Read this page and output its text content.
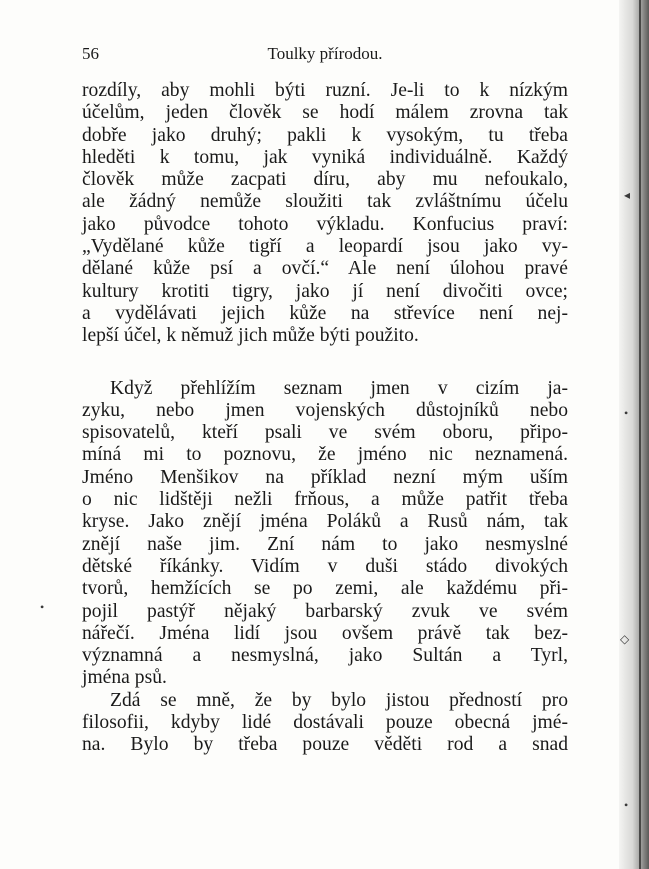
56	Toulky přírodou.
rozdíly, aby mohli býti ruzní. Je-li to k nízkým
účelům, jeden člověk se hodí málem zrovna tak
dobře jako druhý; pakli k vysokým, tu třeba
hleděti k tomu, jak vyniká individuálně. Každý
člověk může zacpati díru, aby mu nefoukalo,
ale žádný nemůže sloužiti tak zvláštnímu účelu
jako původce tohoto výkladu. Konfucius praví:
„Vydělané kůže tigří a leopardí jsou jako vy-
dělané kůže psí a ovčí.“ Ale není úlohou pravé
kultury krotiti tigry, jako jí není divočiti ovce;
a vydělávati jejich kůže na střevíce není nej-
lepší účel, k němuž jich může býti použito.
Když přehlížím seznam jmen v cizím ja-
zyku, nebo jmen vojenských důstojníků nebo
spisovatelů, kteří psali ve svém oboru, připo-
míná mi to poznovu, že jméno nic neznamená.
Jméno Menšikov na příklad nezní mým uším
o nic lidštěji nežli frňous, a může patřit třeba
kryse. Jako znějí jména Poláků a Rusů nám, tak
znějí naše jim. Zní nám to jako nesmyslné
dětské říkánky. Vidím v duši stádo divokých
tvorů, hemžících se po zemi, ale každému při-
pojil pastýř nějaký barbarský zvuk ve svém
nářečí. Jména lidí jsou ovšem právě tak bez-
významná a nesmyslná, jako Sultán a Tyrl,
jména psů.
Zdá se mně, že by bylo jistou předností pro
filosofii, kdyby lidé dostávali pouze obecná jmé-
na. Bylo by třeba pouze věděti rod a snad
◂
•
•
◇
•
